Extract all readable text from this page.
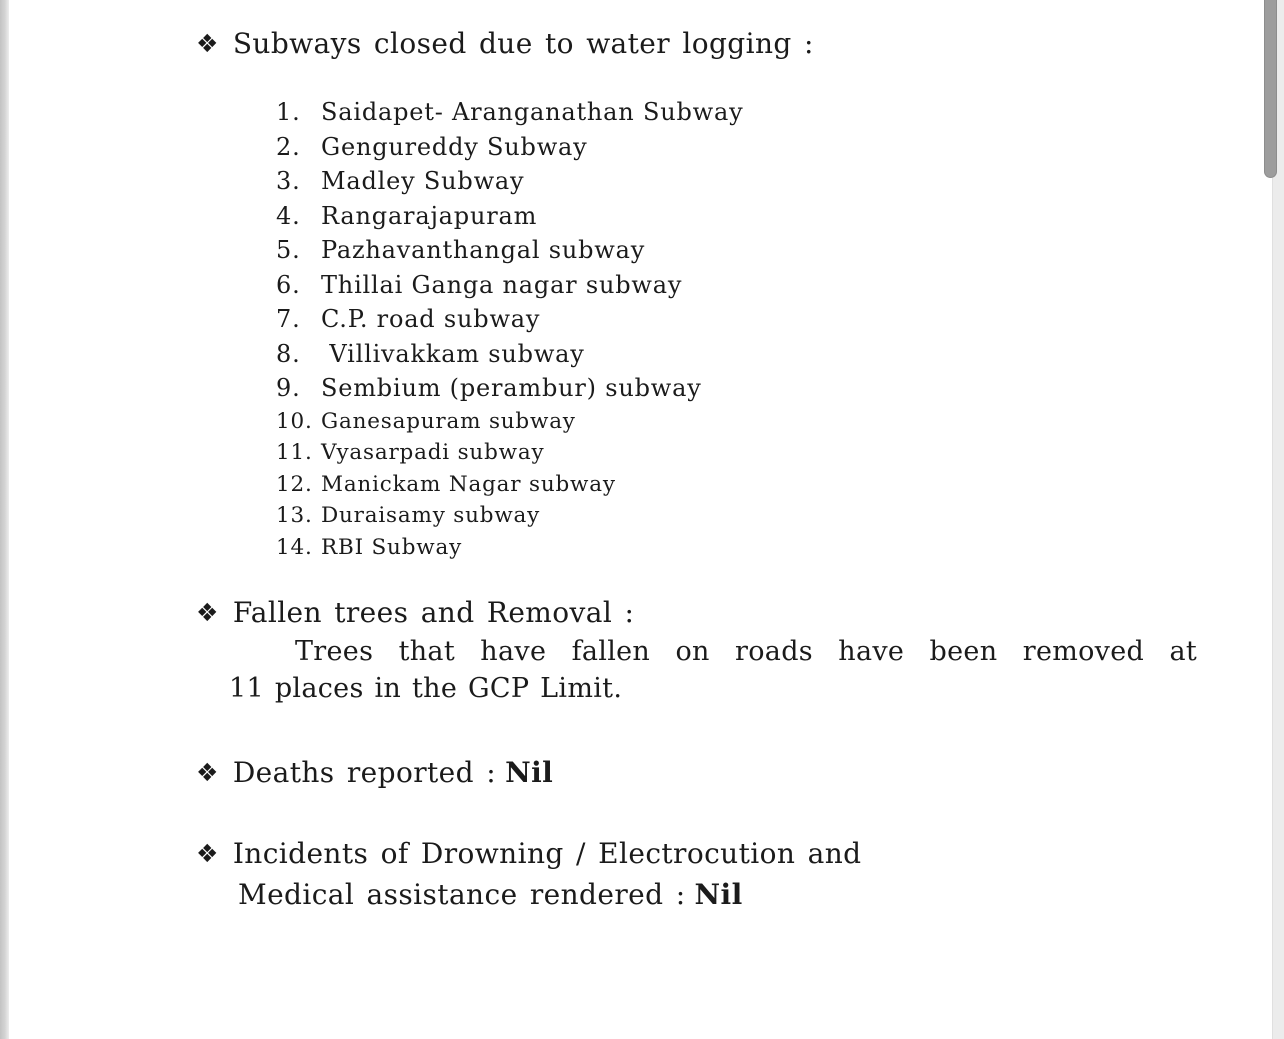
❖ Subways closed due to water logging :
1. Saidapet- Aranganathan Subway
2. Gengureddy Subway
3. Madley Subway
4. Rangarajapuram
5. Pazhavanthangal subway
6. Thillai Ganga nagar subway
7. C.P. road subway
8. Villivakkam subway
9. Sembium (perambur) subway
10. Ganesapuram subway
11. Vyasarpadi subway
12. Manickam Nagar subway
13. Duraisamy subway
14. RBI Subway
❖ Fallen trees and Removal :
Trees that have fallen on roads have been removed at
11 places in the GCP Limit.
❖ Deaths reported : Nil
❖ Incidents of Drowning / Electrocution and
Medical assistance rendered : Nil
